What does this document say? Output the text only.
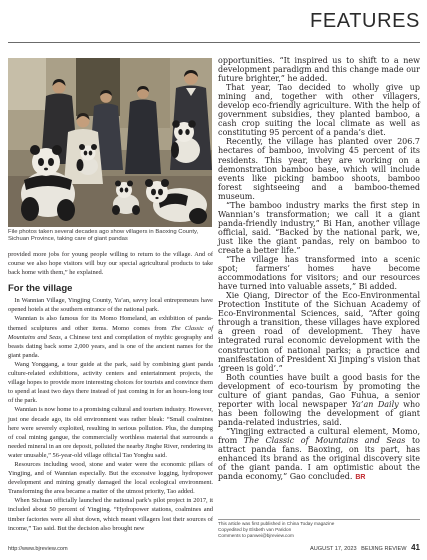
FEATURES
File photos taken several decades ago show villagers in Baoxing County, Sichuan Province, taking care of giant pandas

provided more jobs for young people willing to return to the village. And of course we also hope visitors will buy our special agricultural products to take back home with them,” he explained.

For the village

In Wannian Village, Yingjing County, Ya’an, savvy local entrepreneurs have opened hotels at the southern entrance of the national park.

Wannian is also famous for its Momo Homeland, an exhibition of panda-themed sculptures and other items. Momo comes from The Classic of Mountains and Seas, a Chinese text and compilation of mythic geography and beasts dating back some 2,000 years, and is one of the ancient names for the giant panda.

Wang Yonggang, a tour guide at the park, said by combining giant panda culture-related exhibitions, activity centers and entertainment projects, the village hopes to provide more interesting choices for tourists and convince them to spend at least two days there instead of just coming in for an hours-long tour of the park.

Wannian is now home to a promising cultural and tourism industry. However, just one decade ago, its old environment was rather bleak: “Small coalmines here were severely exploited, resulting in serious pollution. Plus, the dumping of coal mining gangue, the commercially worthless material that surrounds a needed mineral in an ore deposit, polluted the nearby Jinghe River, rendering its water unusable,” 56-year-old village official Tao Yonghu said.

Resources including wood, stone and water were the economic pillars of Yingjing, and of Wannian especially. But the excessive logging, hydropower development and mining greatly damaged the local ecological environment. Transforming the area became a matter of the utmost priority, Tao added.

When Sichuan officially launched the national park’s pilot project in 2017, it included about 50 percent of Yingjing. “Hydropower stations, coalmines and timber factories were all shut down, which meant villagers lost their sources of income,” Tao said. But the decision also brought new

opportunities. “It inspired us to shift to a new development paradigm and this change made our future brighter,” he added.

That year, Tao decided to wholly give up mining and, together with other villagers, develop eco-friendly agriculture. With the help of government subsidies, they planted bamboo, a cash crop suiting the local climate as well as constituting 95 percent of a panda’s diet.

Recently, the village has planted over 206.7 hectares of bamboo, involving 45 percent of its residents. This year, they are working on a demonstration bamboo base, which will include events like picking bamboo shoots, bamboo forest sightseeing and a bamboo-themed museum.

“The bamboo industry marks the first step in Wannian’s transformation; we call it a giant panda-friendly industry,” Bi Han, another village official, said. “Backed by the national park, we, just like the giant pandas, rely on bamboo to create a better life.”

“The village has transformed into a scenic spot; farmers’ homes have become accommodations for visitors; and our resources have turned into valuable assets,” Bi added.

Xie Qiang, Director of the Eco-Environmental Protection Institute of the Sichuan Academy of Eco-Environmental Sciences, said, “After going through a transition, these villages have explored a green road of development. They have integrated rural economic development with the construction of national parks; a practice and manifestation of President Xi Jinping’s vision that ‘green is gold’.”

Both counties have built a good basis for the development of eco-tourism by promoting the culture of giant pandas, Gao Fuhua, a senior reporter with local newspaper Ya’an Daily who has been following the development of giant panda-related industries, said.

“Yingjing extracted a cultural element, Momo, from The Classic of Mountains and Seas to attract panda fans. Baoxing, on its part, has enhanced its brand as the original discovery site of the giant panda. I am optimistic about the panda economy,” Gao concluded. BR

This article was first published in China Today magazine
Copyedited by Elsbeth van Paridon
Comments to panwei@bjreview.com
http://www.bjreview.com	AUGUST 17, 2023 BEIJING REVIEW 41
